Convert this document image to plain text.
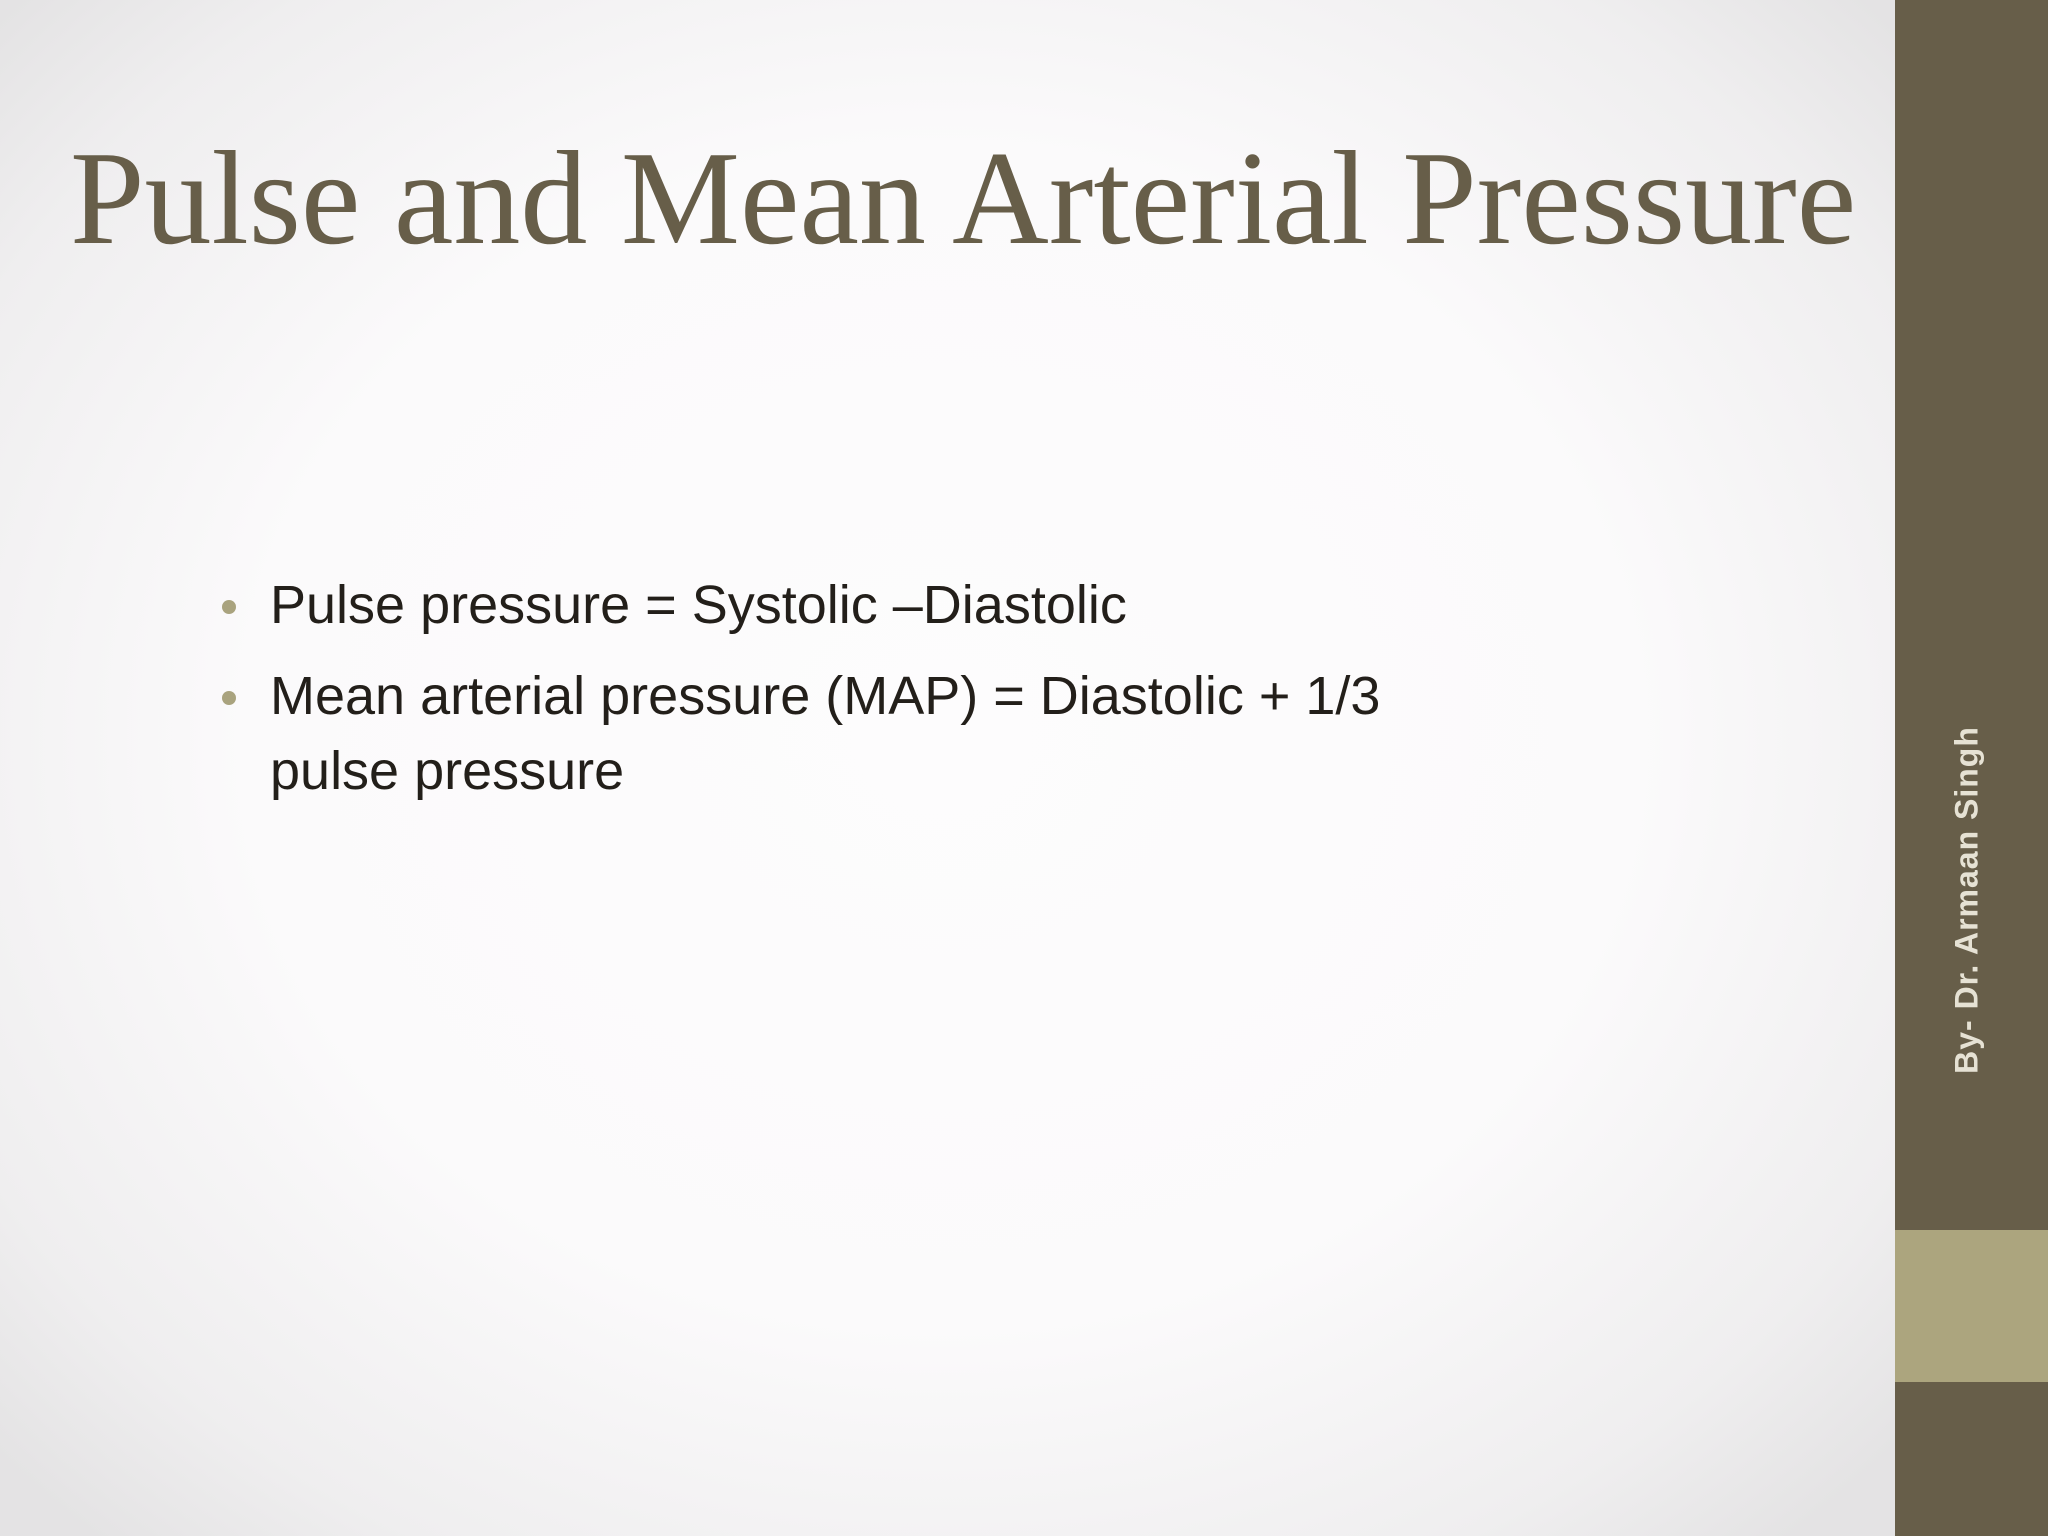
Pulse and Mean Arterial Pressure
Pulse pressure = Systolic –Diastolic
Mean arterial pressure (MAP) = Diastolic + 1/3 pulse pressure	By- Dr. Armaan Singh
